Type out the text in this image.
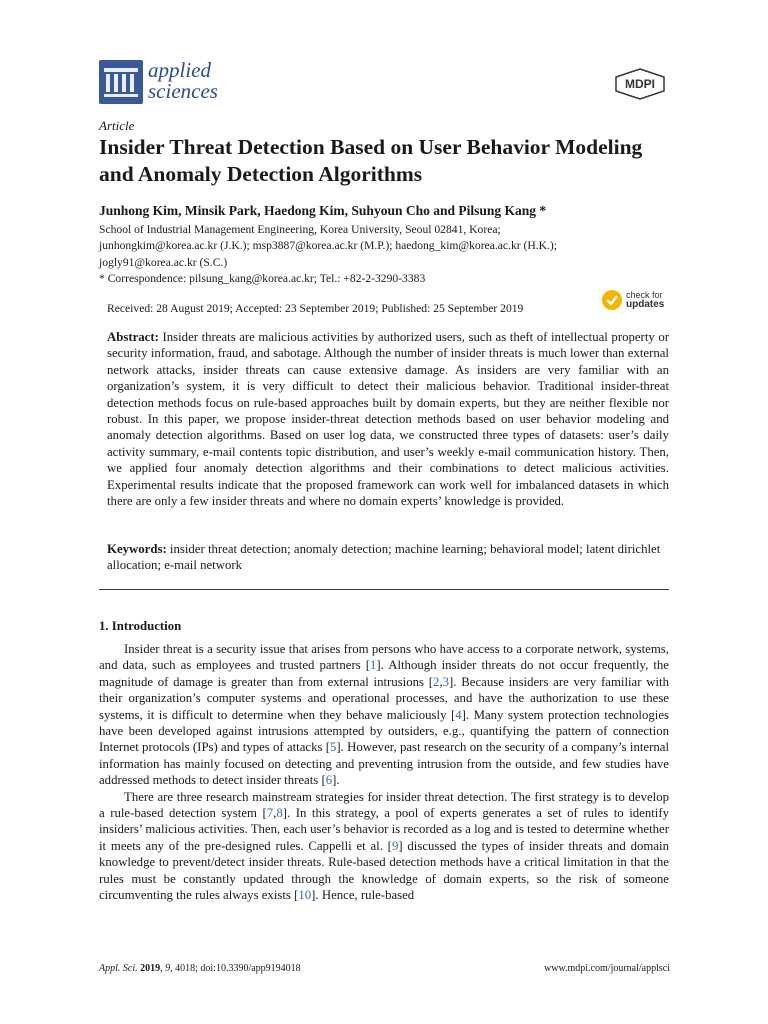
applied
sciences	MDPI
Article
Insider Threat Detection Based on User Behavior Modeling and Anomaly Detection Algorithms
Junhong Kim, Minsik Park, Haedong Kim, Suhyoun Cho and Pilsung Kang *
School of Industrial Management Engineering, Korea University, Seoul 02841, Korea;
junhongkim@korea.ac.kr (J.K.); msp3887@korea.ac.kr (M.P.); haedong_kim@korea.ac.kr (H.K.);
jogly91@korea.ac.kr (S.C.)
* Correspondence: pilsung_kang@korea.ac.kr; Tel.: +82-2-3290-3383
Received: 28 August 2019; Accepted: 23 September 2019; Published: 25 September 2019
check for
updates

Abstract: Insider threats are malicious activities by authorized users, such as theft of intellectual property or security information, fraud, and sabotage. Although the number of insider threats is much lower than external network attacks, insider threats can cause extensive damage. As insiders are very familiar with an organization’s system, it is very difficult to detect their malicious behavior. Traditional insider-threat detection methods focus on rule-based approaches built by domain experts, but they are neither flexible nor robust. In this paper, we propose insider-threat detection methods based on user behavior modeling and anomaly detection algorithms. Based on user log data, we constructed three types of datasets: user’s daily activity summary, e-mail contents topic distribution, and user’s weekly e-mail communication history. Then, we applied four anomaly detection algorithms and their combinations to detect malicious activities. Experimental results indicate that the proposed framework can work well for imbalanced datasets in which there are only a few insider threats and where no domain experts’ knowledge is provided.

Keywords: insider threat detection; anomaly detection; machine learning; behavioral model; latent dirichlet allocation; e-mail network

1. Introduction

Insider threat is a security issue that arises from persons who have access to a corporate network, systems, and data, such as employees and trusted partners [1]. Although insider threats do not occur frequently, the magnitude of damage is greater than from external intrusions [2,3]. Because insiders are very familiar with their organization’s computer systems and operational processes, and have the authorization to use these systems, it is difficult to determine when they behave maliciously [4]. Many system protection technologies have been developed against intrusions attempted by outsiders, e.g., quantifying the pattern of connection Internet protocols (IPs) and types of attacks [5]. However, past research on the security of a company’s internal information has mainly focused on detecting and preventing intrusion from the outside, and few studies have addressed methods to detect insider threats [6].

There are three research mainstream strategies for insider threat detection. The first strategy is to develop a rule-based detection system [7,8]. In this strategy, a pool of experts generates a set of rules to identify insiders’ malicious activities. Then, each user’s behavior is recorded as a log and is tested to determine whether it meets any of the pre-designed rules. Cappelli et al. [9] discussed the types of insider threats and domain knowledge to prevent/detect insider threats. Rule-based detection methods have a critical limitation in that the rules must be constantly updated through the knowledge of domain experts, so the risk of someone circumventing the rules always exists [10]. Hence, rule-based

Appl. Sci. 2019, 9, 4018; doi:10.3390/app9194018	www.mdpi.com/journal/applsci
